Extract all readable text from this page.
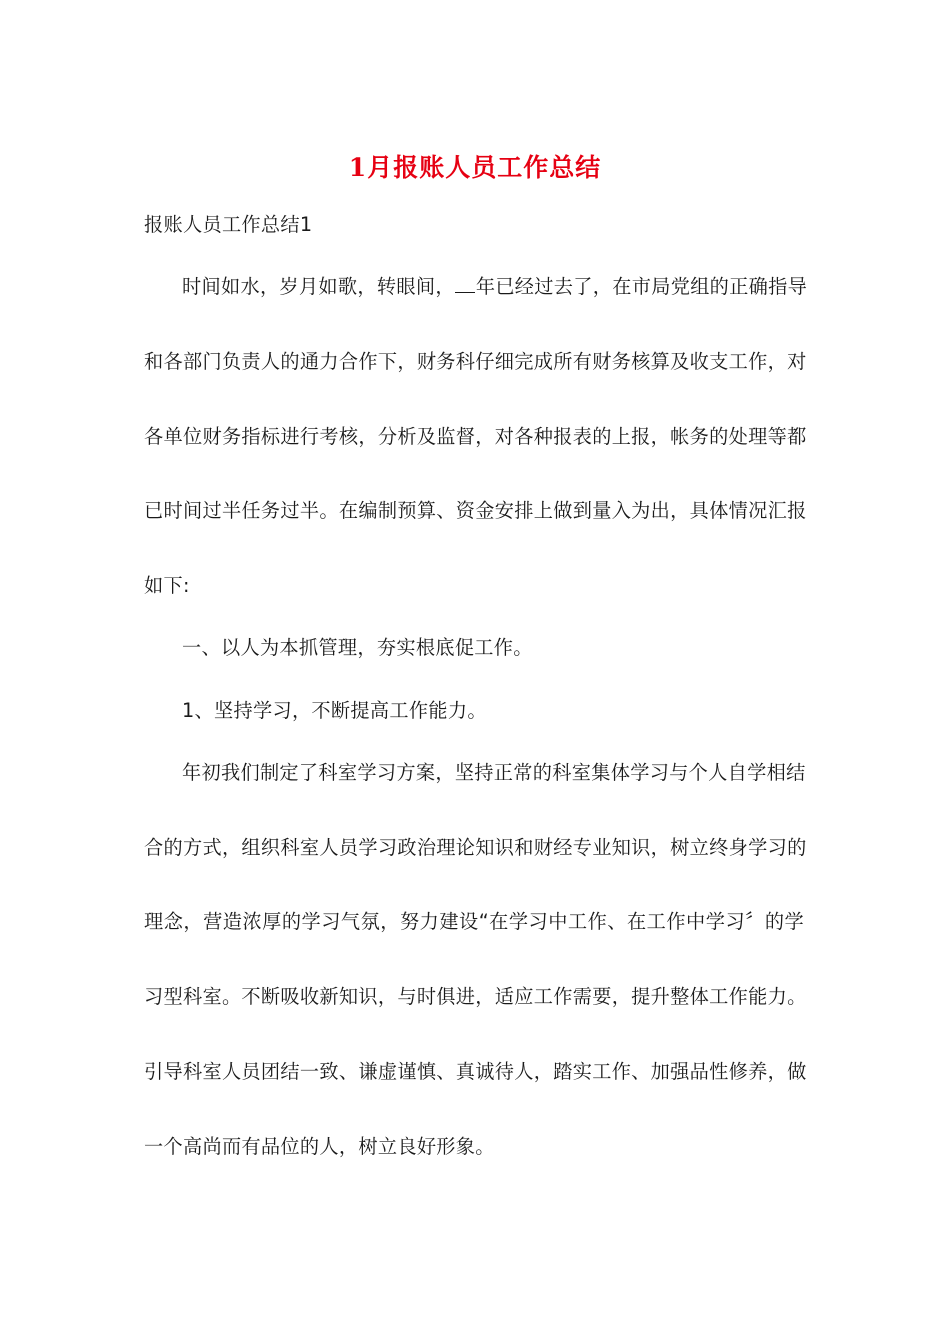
1月报账人员工作总结
报账人员工作总结1
时间如水，岁月如歌，转眼间， 年已经过去了，在市局党组的正确指导
和各部门负责人的通力合作下，财务科仔细完成所有财务核算及收支工作，对
各单位财务指标进行考核，分析及监督，对各种报表的上报，帐务的处理等都
已时间过半任务过半。在编制预算、资金安排上做到量入为出，具体情况汇报
如下:
一、以人为本抓管理，夯实根底促工作。
1、坚持学习，不断提高工作能力。
年初我们制定了科室学习方案，坚持正常的科室集体学习与个人自学相结
合的方式，组织科室人员学习政治理论知识和财经专业知识，树立终身学习的
理念，营造浓厚的学习气氛，努力建设“在学习中工作、在工作中学习〞的学
习型科室。不断吸收新知识，与时俱进，适应工作需要，提升整体工作能力。
引导科室人员团结一致、谦虚谨慎、真诚待人，踏实工作、加强品性修养，做
一个高尚而有品位的人，树立良好形象。
